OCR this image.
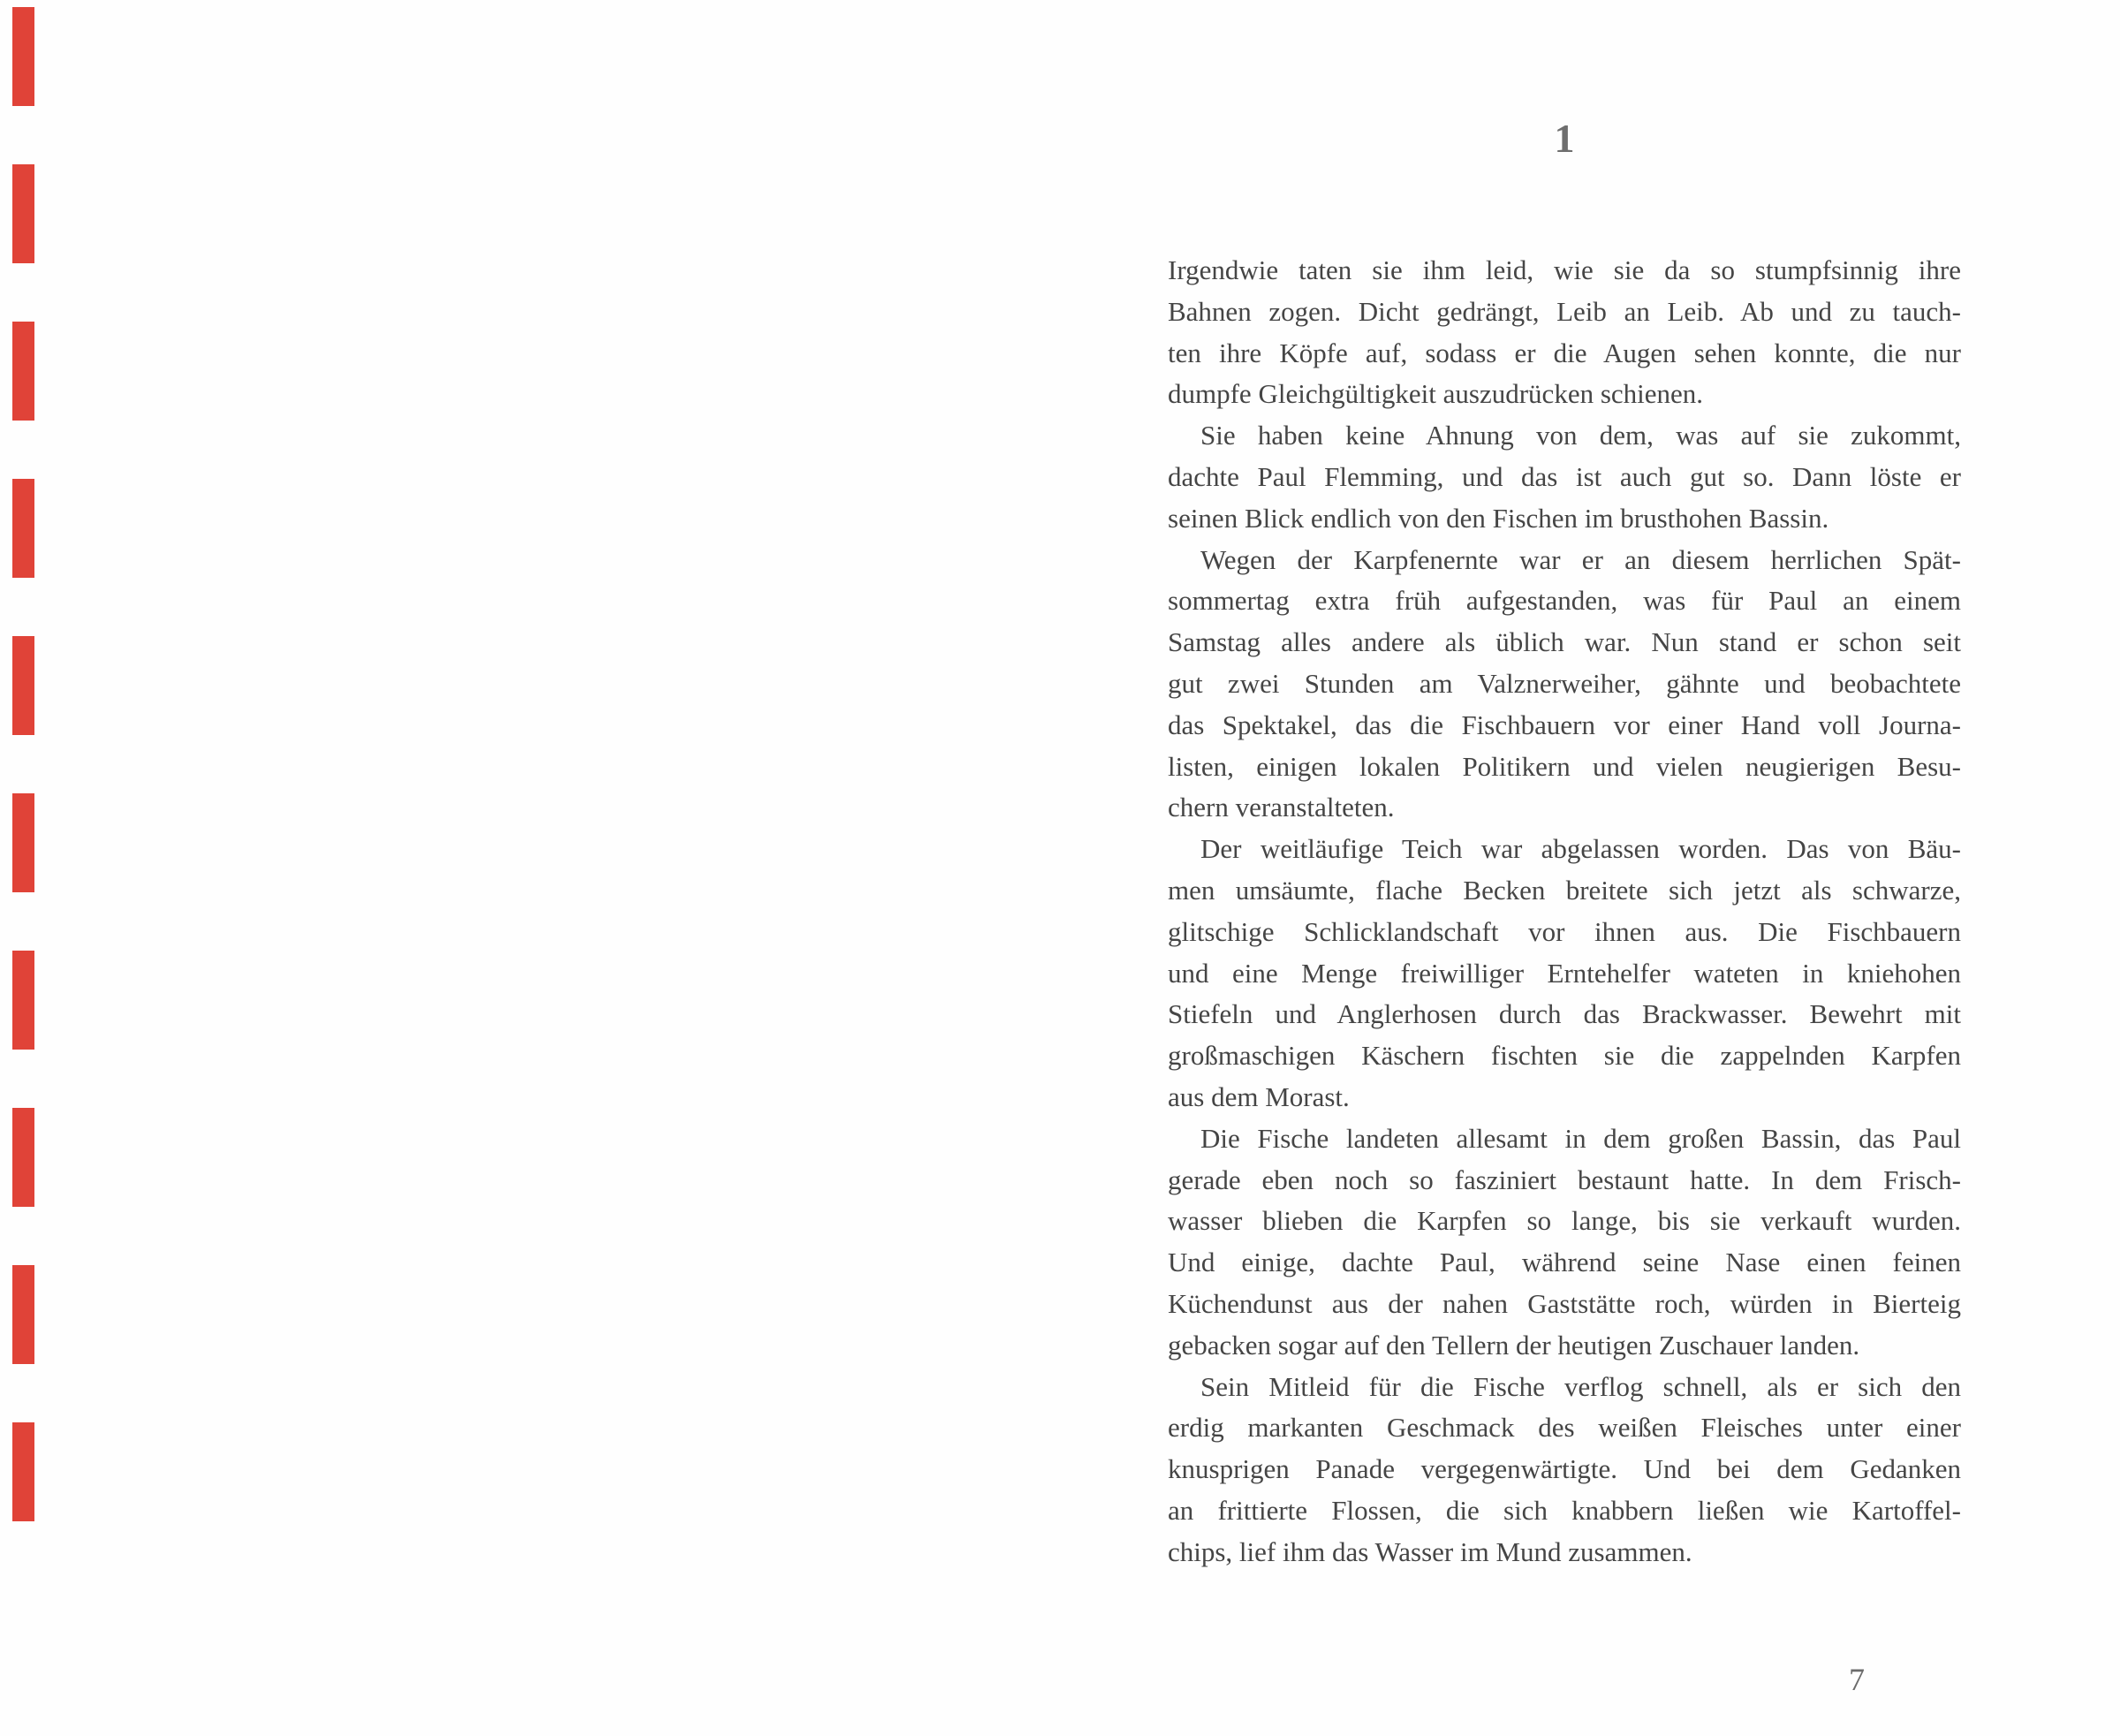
1
Irgendwie taten sie ihm leid, wie sie da so stumpfsinnig ihre
Bahnen zogen. Dicht gedrängt, Leib an Leib. Ab und zu tauch-
ten ihre Köpfe auf, sodass er die Augen sehen konnte, die nur
dumpfe Gleichgültigkeit auszudrücken schienen.
Sie haben keine Ahnung von dem, was auf sie zukommt,
dachte Paul Flemming, und das ist auch gut so. Dann löste er
seinen Blick endlich von den Fischen im brusthohen Bassin.
Wegen der Karpfenernte war er an diesem herrlichen Spät-
sommertag extra früh aufgestanden, was für Paul an einem
Samstag alles andere als üblich war. Nun stand er schon seit
gut zwei Stunden am Valznerweiher, gähnte und beobachtete
das Spektakel, das die Fischbauern vor einer Hand voll Journa-
listen, einigen lokalen Politikern und vielen neugierigen Besu-
chern veranstalteten.
Der weitläufige Teich war abgelassen worden. Das von Bäu-
men umsäumte, flache Becken breitete sich jetzt als schwarze,
glitschige Schlicklandschaft vor ihnen aus. Die Fischbauern
und eine Menge freiwilliger Erntehelfer wateten in kniehohen
Stiefeln und Anglerhosen durch das Brackwasser. Bewehrt mit
großmaschigen Käschern fischten sie die zappelnden Karpfen
aus dem Morast.
Die Fische landeten allesamt in dem großen Bassin, das Paul
gerade eben noch so fasziniert bestaunt hatte. In dem Frisch-
wasser blieben die Karpfen so lange, bis sie verkauft wurden.
Und einige, dachte Paul, während seine Nase einen feinen
Küchendunst aus der nahen Gaststätte roch, würden in Bierteig
gebacken sogar auf den Tellern der heutigen Zuschauer landen.
Sein Mitleid für die Fische verflog schnell, als er sich den
erdig markanten Geschmack des weißen Fleisches unter einer
knusprigen Panade vergegenwärtigte. Und bei dem Gedanken
an frittierte Flossen, die sich knabbern ließen wie Kartoffel-
chips, lief ihm das Wasser im Mund zusammen.
7
